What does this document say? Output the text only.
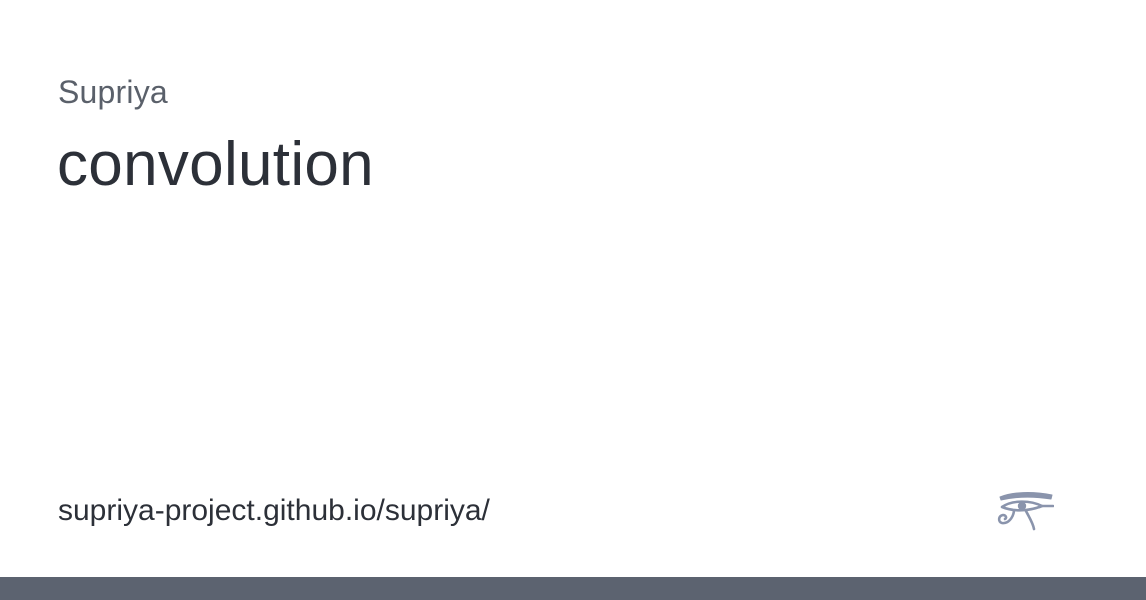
Supriya
convolution
supriya-project.github.io/supriya/
